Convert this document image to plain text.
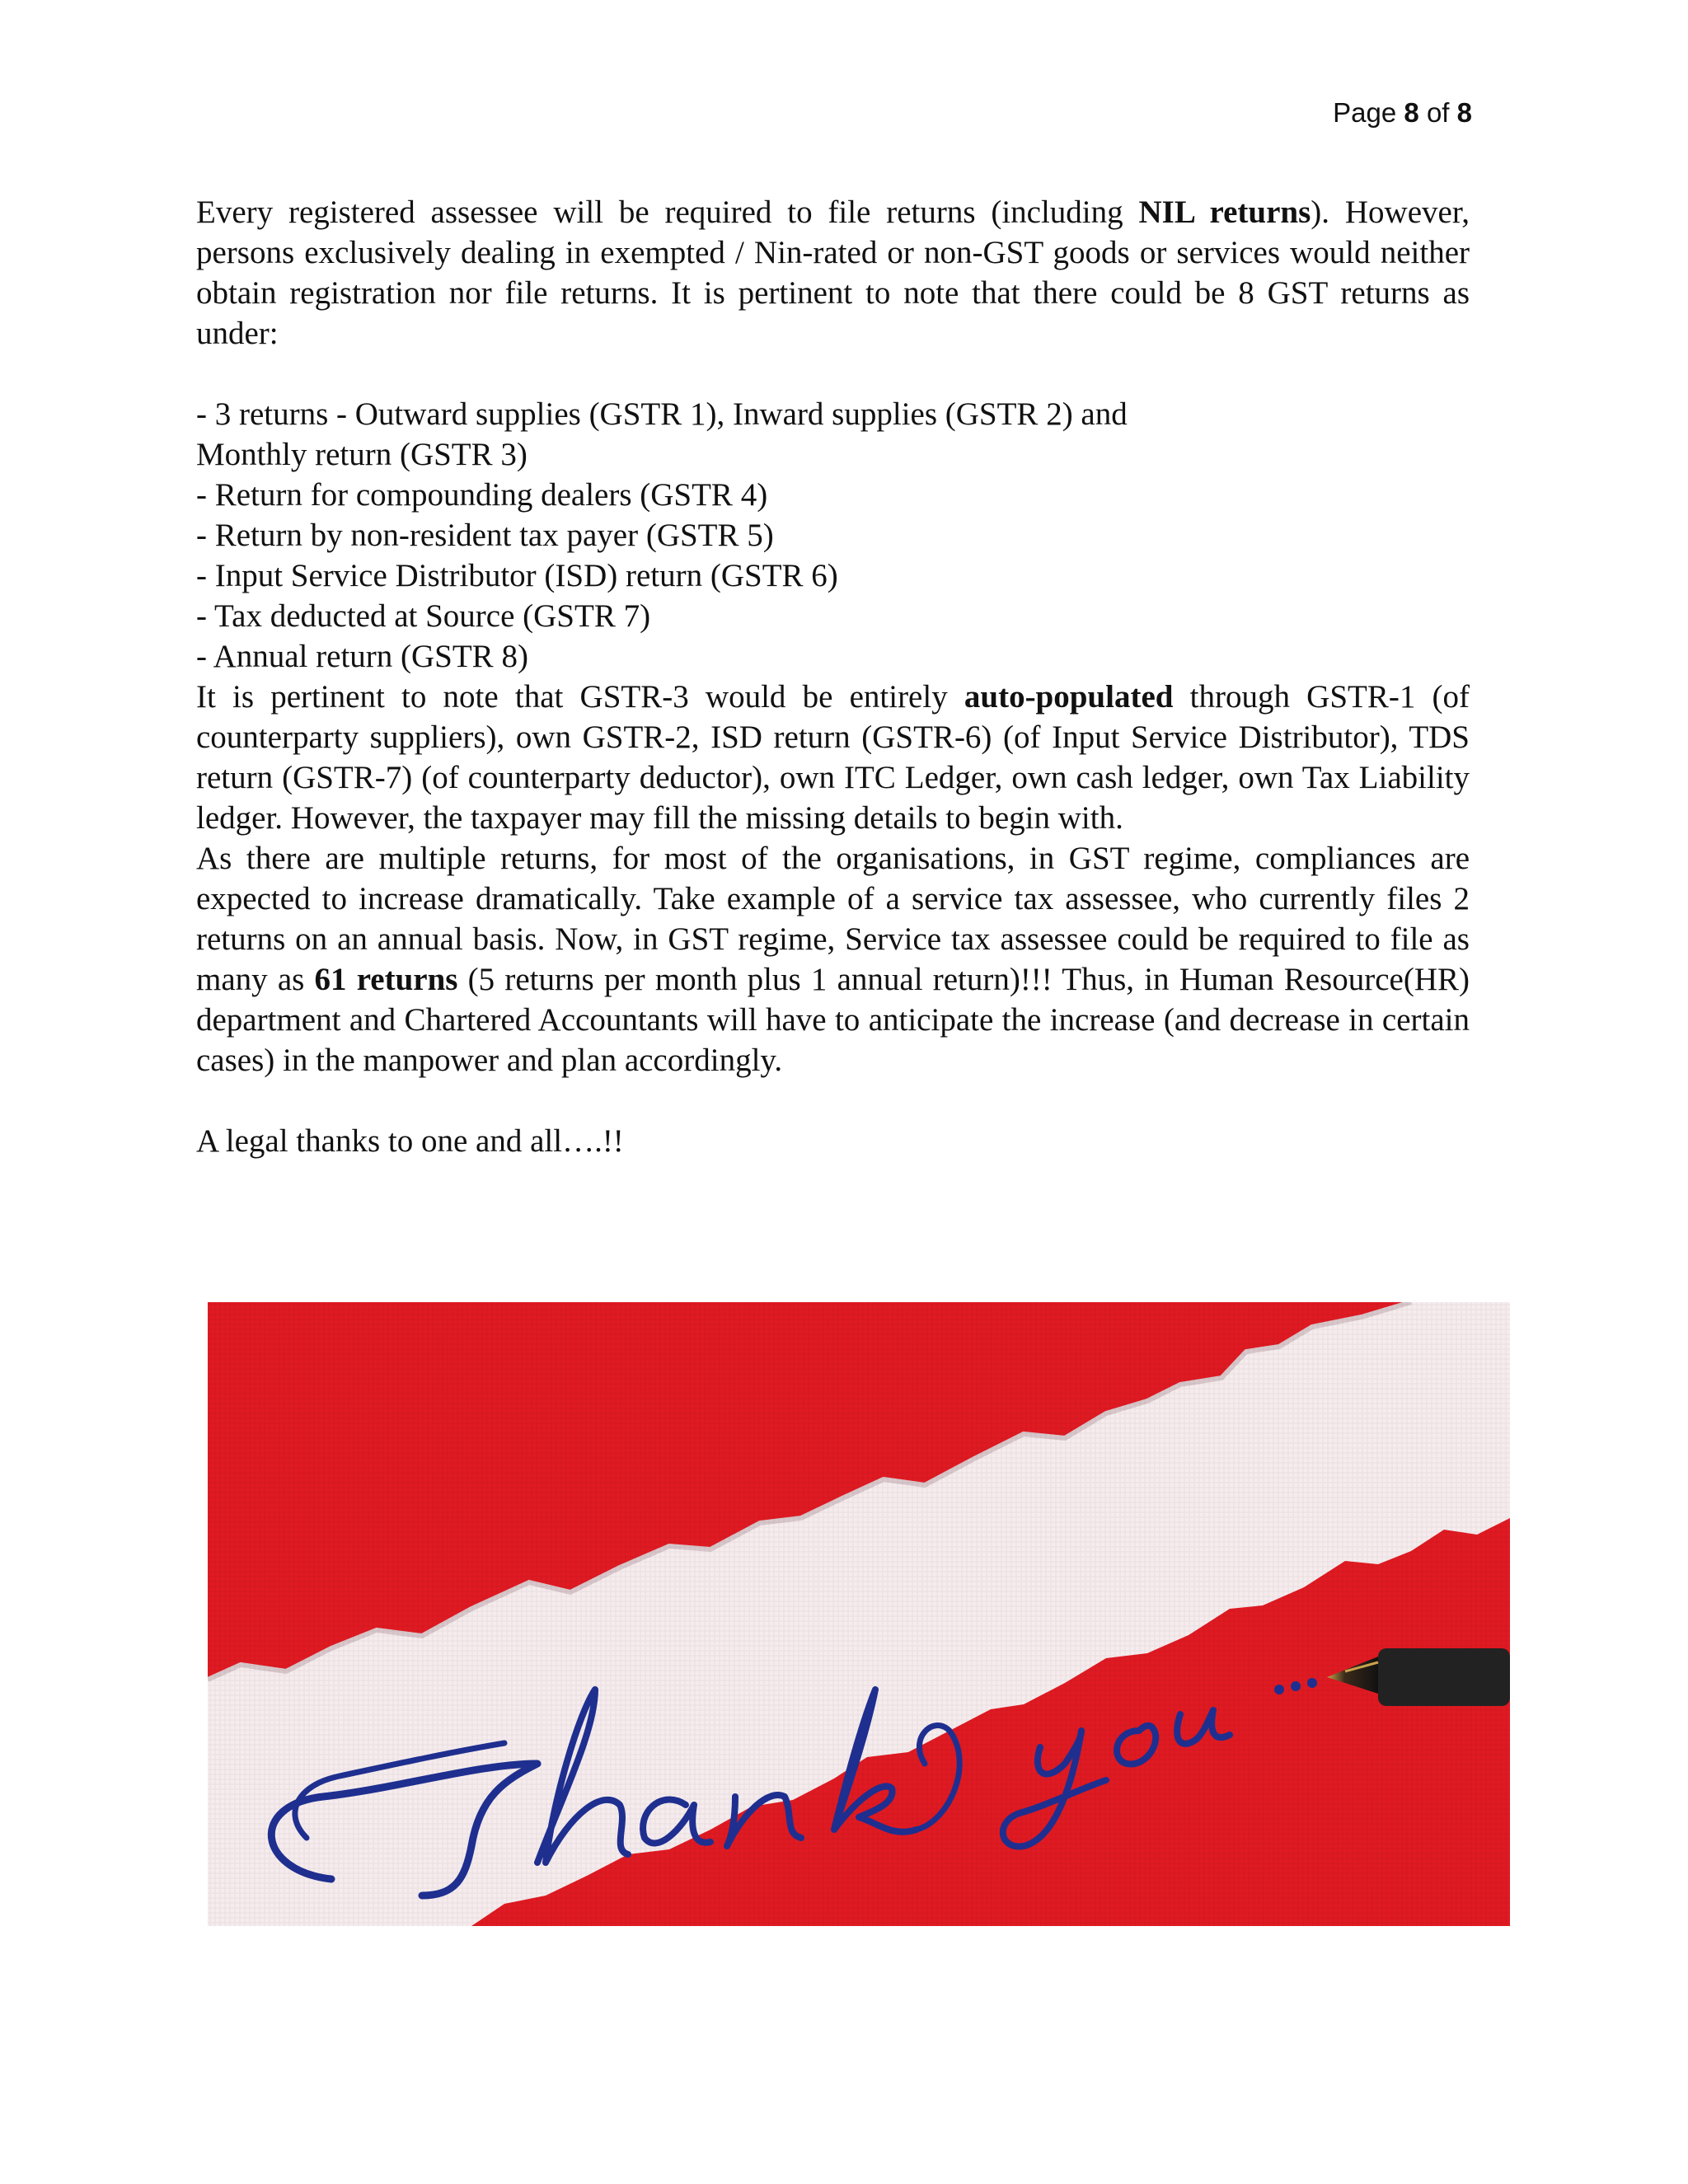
Page 8 of 8

Every registered assessee will be required to file returns (including NIL returns). However, persons exclusively dealing in exempted / Nin-rated or non-GST goods or services would neither obtain registration nor file returns. It is pertinent to note that there could be 8 GST returns as under:

- 3 returns - Outward supplies (GSTR 1), Inward supplies (GSTR 2) and
Monthly return (GSTR 3)
- Return for compounding dealers (GSTR 4)
- Return by non-resident tax payer (GSTR 5)
- Input Service Distributor (ISD) return (GSTR 6)
- Tax deducted at Source (GSTR 7)
- Annual return (GSTR 8)

It is pertinent to note that GSTR-3 would be entirely auto-populated through GSTR-1 (of counterparty suppliers), own GSTR-2, ISD return (GSTR-6) (of Input Service Distributor), TDS return (GSTR-7) (of counterparty deductor), own ITC Ledger, own cash ledger, own Tax Liability ledger. However, the taxpayer may fill the missing details to begin with.

As there are multiple returns, for most of the organisations, in GST regime, compliances are expected to increase dramatically. Take example of a service tax assessee, who currently files 2 returns on an annual basis. Now, in GST regime, Service tax assessee could be required to file as many as 61 returns (5 returns per month plus 1 annual return)!!! Thus, in Human Resource(HR) department and Chartered Accountants will have to anticipate the increase (and decrease in certain cases) in the manpower and plan accordingly.

A legal thanks to one and all….!!
